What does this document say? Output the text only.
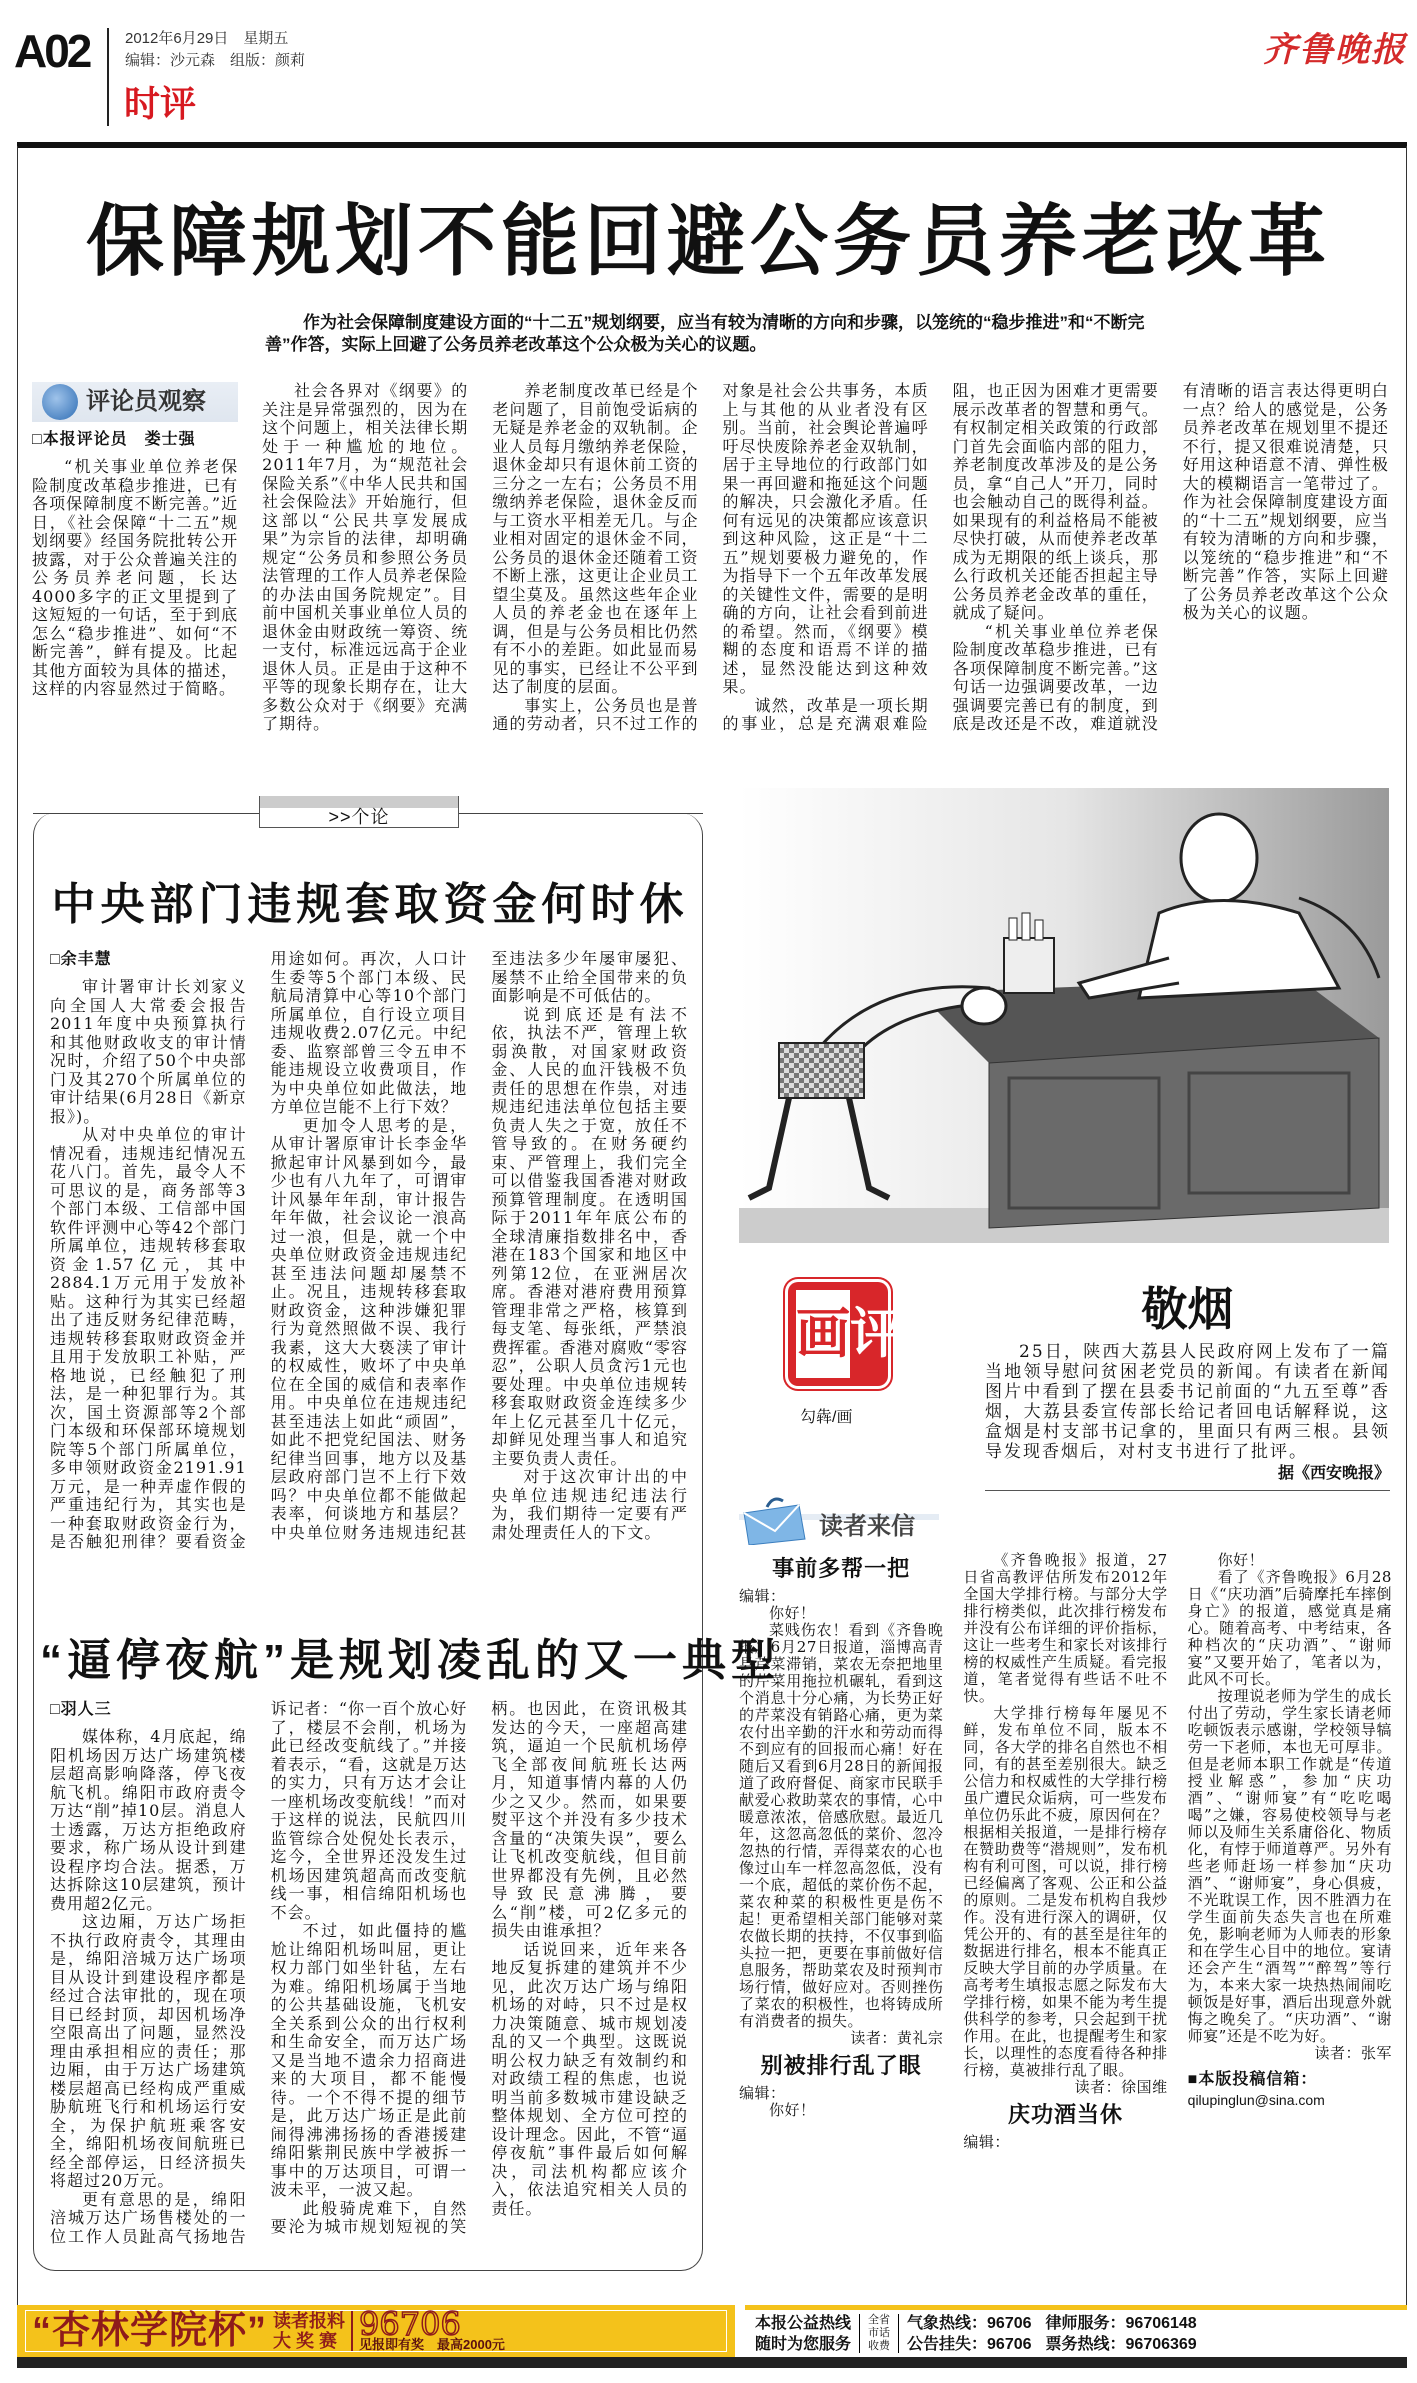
A02 2012年6月29日　星期五
编辑：沙元森　组版：颜莉
时评
齐鲁晚报
保障规划不能回避公务员养老改革
作为社会保障制度建设方面的“十二五”规划纲要，应当有较为清晰的方向和步骤，以笼统的“稳步推进”和“不断完善”作答，实际上回避了公务员养老改革这个公众极为关心的议题。
评论员观察

□本报评论员　娄士强

“机关事业单位养老保险制度改革稳步推进，已有各项保障制度不断完善。”近日，《社会保障“十二五”规划纲要》经国务院批转公开披露，对于公众普遍关注的公务员养老问题，长达4000多字的正文里提到了这短短的一句话，至于到底怎么“稳步推进”、如何“不断完善”，鲜有提及。比起其他方面较为具体的描述，这样的内容显然过于简略。

社会各界对《纲要》的关注是异常强烈的，因为在这个问题上，相关法律长期处于一种尴尬的地位。2011年7月，为“规范社会保险关系”《中华人民共和国社会保险法》开始施行，但这部以“公民共享发展成果”为宗旨的法律，却明确规定“公务员和参照公务员法管理的工作人员养老保险的办法由国务院规定”。目前中国机关事业单位人员的退休金由财政统一筹资、统一支付，标准远远高于企业退休人员。正是由于这种不平等的现象长期存在，让大多数公众对于《纲要》充满了期待。

养老制度改革已经是个老问题了，目前饱受诟病的无疑是养老金的双轨制。企业人员每月缴纳养老保险，退休金却只有退休前工资的三分之一左右；公务员不用缴纳养老保险，退休金反而与工资水平相差无几。与企业相对固定的退休金不同，公务员的退休金还随着工资不断上涨，这更让企业员工望尘莫及。虽然这些年企业人员的养老金也在逐年上调，但是与公务员相比仍然有不小的差距。如此显而易见的事实，已经让不公平到达了制度的层面。

事实上，公务员也是普通的劳动者，只不过工作的对象是社会公共事务，本质上与其他的从业者没有区别。当前，社会舆论普遍呼吁尽快废除养老金双轨制，居于主导地位的行政部门如果一再回避和拖延这个问题的解决，只会激化矛盾。任何有远见的决策都应该意识到这种风险，这正是“十二五”规划要极力避免的，作为指导下一个五年改革发展的关键性文件，需要的是明确的方向，让社会看到前进的希望。然而，《纲要》模糊的态度和语焉不详的描述，显然没能达到这种效果。

诚然，改革是一项长期的事业，总是充满艰难险阻，也正因为困难才更需要展示改革者的智慧和勇气。有权制定相关政策的行政部门首先会面临内部的阻力，养老制度改革涉及的是公务员，拿“自己人”开刀，同时也会触动自己的既得利益。如果现有的利益格局不能被尽快打破，从而使养老改革成为无期限的纸上谈兵，那么行政机关还能否担起主导公务员养老金改革的重任，就成了疑问。

“机关事业单位养老保险制度改革稳步推进，已有各项保障制度不断完善。”这句话一边强调要改革，一边强调要完善已有的制度，到底是改还是不改，难道就没有清晰的语言表达得更明白一点？给人的感觉是，公务员养老改革在规划里不提还不行，提又很难说清楚，只好用这种语意不清、弹性极大的模糊语言一笔带过了。作为社会保障制度建设方面的“十二五”规划纲要，应当有较为清晰的方向和步骤，以笼统的“稳步推进”和“不断完善”作答，实际上回避了公务员养老改革这个公众极为关心的议题。

>>个论
中央部门违规套取资金何时休

□余丰慧

审计署审计长刘家义向全国人大常委会报告2011年度中央预算执行和其他财政收支的审计情况时，介绍了50个中央部门及其270个所属单位的审计结果(6月28日《新京报》)。

从对中央单位的审计情况看，违规违纪情况五花八门。首先，最令人不可思议的是，商务部等3个部门本级、工信部中国软件评测中心等42个部门所属单位，违规转移套取资金1.57亿元，其中2884.1万元用于发放补贴。这种行为其实已经超出了违反财务纪律范畴，违规转移套取财政资金并且用于发放职工补贴，严格地说，已经触犯了刑法，是一种犯罪行为。其次，国土资源部等2个部门本级和环保部环境规划院等5个部门所属单位，多申领财政资金2191.91万元，是一种弄虚作假的严重违纪行为，其实也是一种套取财政资金行为，是否触犯刑律？要看资金用途如何。再次，人口计生委等5个部门本级、民航局清算中心等10个部门所属单位，自行设立项目违规收费2.07亿元。中纪委、监察部曾三令五申不能违规设立收费项目，作为中央单位如此做法，地方单位岂能不上行下效？

更加令人思考的是，从审计署原审计长李金华掀起审计风暴到如今，最少也有八九年了，可谓审计风暴年年刮，审计报告年年做，社会议论一浪高过一浪，但是，就一个中央单位财政资金违规违纪甚至违法问题却屡禁不止。况且，违规转移套取财政资金，这种涉嫌犯罪行为竟然照做不误、我行我素，这大大亵渎了审计的权威性，败坏了中央单位在全国的威信和表率作用。中央单位在违规违纪甚至违法上如此“顽固”，如此不把党纪国法、财务纪律当回事，地方以及基层政府部门岂不上行下效吗？中央单位都不能做起表率，何谈地方和基层？中央单位财务违规违纪甚至违法多少年屡审屡犯、屡禁不止给全国带来的负面影响是不可低估的。

说到底还是有法不依，执法不严，管理上软弱涣散，对国家财政资金、人民的血汗钱极不负责任的思想在作祟，对违规违纪违法单位包括主要负责人失之于宽，放任不管导致的。在财务硬约束、严管理上，我们完全可以借鉴我国香港对财政预算管理制度。在透明国际于2011年年底公布的全球清廉指数排名中，香港在183个国家和地区中列第12位，在亚洲居次席。香港对港府费用预算管理非常之严格，核算到每支笔、每张纸，严禁浪费挥霍。香港对腐败“零容忍”，公职人员贪污1元也要处理。中央单位违规转移套取财政资金连续多少年上亿元甚至几十亿元，却鲜见处理当事人和追究主要负责人责任。

对于这次审计出的中央单位违规违纪违法行为，我们期待一定要有严肃处理责任人的下文。

“逼停夜航”是规划凌乱的又一典型

□羽人三

媒体称，4月底起，绵阳机场因万达广场建筑楼层超高影响降落，停飞夜航飞机。绵阳市政府责令万达“削”掉10层。消息人士透露，万达方拒绝政府要求，称广场从设计到建设程序均合法。据悉，万达拆除这10层建筑，预计费用超2亿元。

这边厢，万达广场拒不执行政府责令，其理由是，绵阳涪城万达广场项目从设计到建设程序都是经过合法审批的，现在项目已经封顶，却因机场净空限高出了问题，显然没理由承担相应的责任；那边厢，由于万达广场建筑楼层超高已经构成严重威胁航班飞行和机场运行安全，为保护航班乘客安全，绵阳机场夜间航班已经全部停运，日经济损失将超过20万元。

更有意思的是，绵阳涪城万达广场售楼处的一位工作人员趾高气扬地告诉记者：“你一百个放心好了，楼层不会削，机场为此已经改变航线了。”并接着表示，“看，这就是万达的实力，只有万达才会让一座机场改变航线！”而对于这样的说法，民航四川监管综合处倪处长表示，迄今，全世界还没发生过机场因建筑超高而改变航线一事，相信绵阳机场也不会。

不过，如此僵持的尴尬让绵阳机场叫屈，更让权力部门如坐针毡，左右为难。绵阳机场属于当地的公共基础设施，飞机安全关系到公众的出行权利和生命安全，而万达广场又是当地不遗余力招商进来的大项目，都不能慢待。一个不得不提的细节是，此万达广场正是此前闹得沸沸扬扬的香港援建绵阳紫荆民族中学被拆一事中的万达项目，可谓一波未平，一波又起。

此般骑虎难下，自然要沦为城市规划短视的笑柄。也因此，在资讯极其发达的今天，一座超高建筑，逼迫一个民航机场停飞全部夜间航班长达两月，知道事情内幕的人仍少之又少。然而，如果要熨平这个并没有多少技术含量的“决策失误”，要么让飞机改变航线，但目前世界都没有先例，且必然导致民意沸腾，要么“削”楼，可2亿多元的损失由谁承担？

话说回来，近年来各地反复拆建的建筑并不少见，此次万达广场与绵阳机场的对峙，只不过是权力决策随意、城市规划凌乱的又一个典型。这既说明公权力缺乏有效制约和对政绩工程的焦虑，也说明当前多数城市建设缺乏整体规划、全方位可控的设计理念。因此，不管“逼停夜航”事件最后如何解决，司法机构都应该介入，依法追究相关人员的责任。

画 评
勾犇/画
敬烟

25日，陕西大荔县人民政府网上发布了一篇当地领导慰问贫困老党员的新闻。有读者在新闻图片中看到了摆在县委书记前面的“九五至尊”香烟，大荔县委宣传部长给记者回电话解释说，这盒烟是村支部书记拿的，里面只有两三根。县领导发现香烟后，对村支书进行了批评。

据《西安晚报》
读者来信

事前多帮一把

编辑：

你好！

菜贱伤农！看到《齐鲁晚报》6月27日报道，淄博高青县芹菜滞销，菜农无奈把地里的芹菜用拖拉机碾轧，看到这个消息十分心痛，为长势正好的芹菜没有销路心痛，更为菜农付出辛勤的汗水和劳动而得不到应有的回报而心痛！好在随后又看到6月28日的新闻报道了政府督促、商家市民联手献爱心救助菜农的事情，心中暖意浓浓，倍感欣慰。最近几年，这忽高忽低的菜价、忽冷忽热的行情，弄得菜农的心也像过山车一样忽高忽低，没有一个底，超低的菜价伤不起，菜农种菜的积极性更是伤不起！更希望相关部门能够对菜农做长期的扶持，不仅事到临头拉一把，更要在事前做好信息服务，帮助菜农及时预判市场行情，做好应对。否则挫伤了菜农的积极性，也将铸成所有消费者的损失。

读者：黄礼宗

别被排行乱了眼

编辑：

你好！

《齐鲁晚报》报道，27日省高教评估所发布2012年全国大学排行榜。与部分大学排行榜类似，此次排行榜发布并没有公布详细的评价指标，这让一些考生和家长对该排行榜的权威性产生质疑。看完报道，笔者觉得有些话不吐不快。

大学排行榜每年屡见不鲜，发布单位不同，版本不同，各大学的排名自然也不相同，有的甚至差别很大。缺乏公信力和权威性的大学排行榜虽广遭民众诟病，可一些发布单位仍乐此不疲，原因何在？根据相关报道，一是排行榜存在赞助费等“潜规则”，发布机构有利可图，可以说，排行榜已经偏离了客观、公正和公益的原则。二是发布机构自我炒作。没有进行深入的调研，仅凭公开的、有的甚至是往年的数据进行排名，根本不能真正反映大学目前的办学质量。在高考考生填报志愿之际发布大学排行榜，如果不能为考生提供科学的参考，只会起到干扰作用。在此，也提醒考生和家长，以理性的态度看待各种排行榜，莫被排行乱了眼。

读者：徐国维

庆功酒当休

编辑：

你好！

看了《齐鲁晚报》6月28日《“庆功酒”后骑摩托车摔倒身亡》的报道，感觉真是痛心。随着高考、中考结束，各种档次的“庆功酒”、“谢师宴”又要开始了，笔者以为，此风不可长。

按理说老师为学生的成长付出了劳动，学生家长请老师吃顿饭表示感谢，学校领导犒劳一下老师，本也无可厚非。但是老师本职工作就是“传道授业解惑”，参加“庆功酒”、“谢师宴”有“吃吃喝喝”之嫌，容易使校领导与老师以及师生关系庸俗化、物质化，有悖于师道尊严。另外有些老师赶场一样参加“庆功酒”、“谢师宴”，身心俱疲，不光耽误工作，因不胜酒力在学生面前失态失言也在所难免，影响老师为人师表的形象和在学生心目中的地位。宴请还会产生“酒驾”“醉驾”等行为，本来大家一块热热闹闹吃顿饭是好事，酒后出现意外就悔之晚矣了。“庆功酒”、“谢师宴”还是不吃为好。

读者：张军

■本版投稿信箱：

qilupinglun@sina.com

“杏林学院杯” 读者报料
大 奖 赛 96706
见报即有奖　最高2000元
本报公益热线
随时为您服务
全省市话收费
气象热线：96706
公告挂失：96706
律师服务：96706148
票务热线：96706369
